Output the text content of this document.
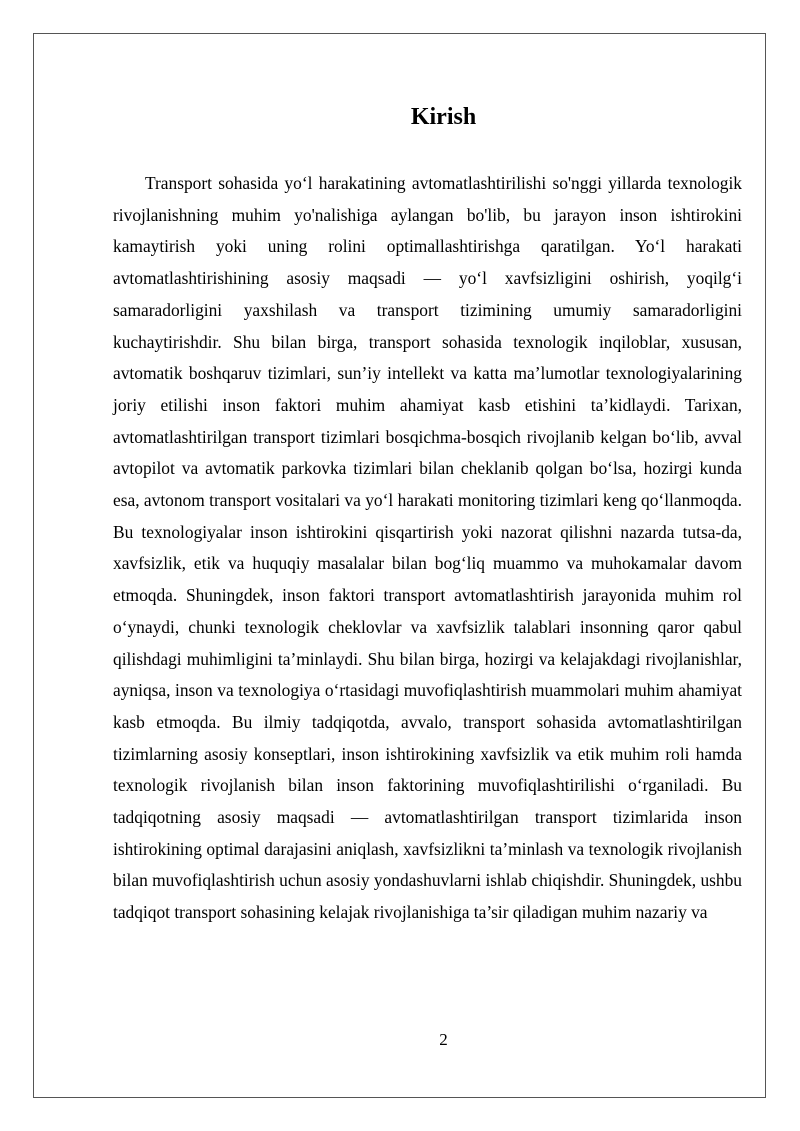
Kirish

Transport sohasida yo‘l harakatining avtomatlashtirilishi so'nggi yillarda texnologik rivojlanishning muhim yo'nalishiga aylangan bo'lib, bu jarayon inson ishtirokini kamaytirish yoki uning rolini optimallashtirishga qaratilgan. Yo‘l harakati avtomatlashtirishining asosiy maqsadi — yo‘l xavfsizligini oshirish, yoqilg‘i samaradorligini yaxshilash va transport tizimining umumiy samaradorligini kuchaytirishdir. Shu bilan birga, transport sohasida texnologik inqiloblar, xususan, avtomatik boshqaruv tizimlari, sun’iy intellekt va katta ma’lumotlar texnologiyalarining joriy etilishi inson faktori muhim ahamiyat kasb etishini ta’kidlaydi. Tarixan, avtomatlashtirilgan transport tizimlari bosqichma-bosqich rivojlanib kelgan bo‘lib, avval avtopilot va avtomatik parkovka tizimlari bilan cheklanib qolgan bo‘lsa, hozirgi kunda esa, avtonom transport vositalari va yo‘l harakati monitoring tizimlari keng qo‘llanmoqda. Bu texnologiyalar inson ishtirokini qisqartirish yoki nazorat qilishni nazarda tutsa-da, xavfsizlik, etik va huquqiy masalalar bilan bog‘liq muammo va muhokamalar davom etmoqda. Shuningdek, inson faktori transport avtomatlashtirish jarayonida muhim rol o‘ynaydi, chunki texnologik cheklovlar va xavfsizlik talablari insonning qaror qabul qilishdagi muhimligini ta’minlaydi. Shu bilan birga, hozirgi va kelajakdagi rivojlanishlar, ayniqsa, inson va texnologiya o‘rtasidagi muvofiqlashtirish muammolari muhim ahamiyat kasb etmoqda. Bu ilmiy tadqiqotda, avvalo, transport sohasida avtomatlashtirilgan tizimlarning asosiy konseptlari, inson ishtirokining xavfsizlik va etik muhim roli hamda texnologik rivojlanish bilan inson faktorining muvofiqlashtirilishi o‘rganiladi. Bu tadqiqotning asosiy maqsadi — avtomatlashtirilgan transport tizimlarida inson ishtirokining optimal darajasini aniqlash, xavfsizlikni ta’minlash va texnologik rivojlanish bilan muvofiqlashtirish uchun asosiy yondashuvlarni ishlab chiqishdir. Shuningdek, ushbu tadqiqot transport sohasining kelajak rivojlanishiga ta’sir qiladigan muhim nazariy va

2
